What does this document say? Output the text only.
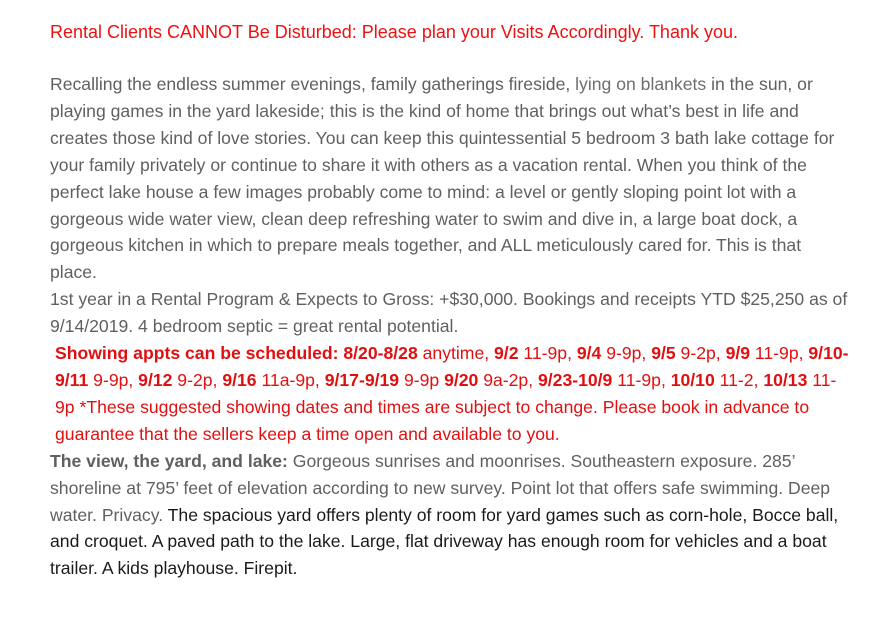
Rental Clients CANNOT Be Disturbed: Please plan your Visits Accordingly. Thank you.

Recalling the endless summer evenings, family gatherings fireside, lying on blankets in the sun, or playing games in the yard lakeside; this is the kind of home that brings out what’s best in life and creates those kind of love stories. You can keep this quintessential 5 bedroom 3 bath lake cottage for your family privately or continue to share it with others as a vacation rental. When you think of the perfect lake house a few images probably come to mind: a level or gently sloping point lot with a gorgeous wide water view, clean deep refreshing water to swim and dive in, a large boat dock, a gorgeous kitchen in which to prepare meals together, and ALL meticulously cared for. This is that place.

1st year in a Rental Program & Expects to Gross: +$30,000. Bookings and receipts YTD $25,250 as of 9/14/2019. 4 bedroom septic = great rental potential.

Showing appts can be scheduled: 8/20-8/28 anytime, 9/2 11-9p, 9/4 9-9p, 9/5 9-2p, 9/9 11-9p, 9/10-9/11 9-9p, 9/12 9-2p, 9/16 11a-9p, 9/17-9/19 9-9p 9/20 9a-2p, 9/23-10/9 11-9p, 10/10 11-2, 10/13 11-9p *These suggested showing dates and times are subject to change. Please book in advance to guarantee that the sellers keep a time open and available to you.

The view, the yard, and lake: Gorgeous sunrises and moonrises. Southeastern exposure. 285’ shoreline at 795’ feet of elevation according to new survey. Point lot that offers safe swimming. Deep water. Privacy. The spacious yard offers plenty of room for yard games such as corn-hole, Bocce ball, and croquet. A paved path to the lake. Large, flat driveway has enough room for vehicles and a boat trailer. A kids playhouse. Firepit.
